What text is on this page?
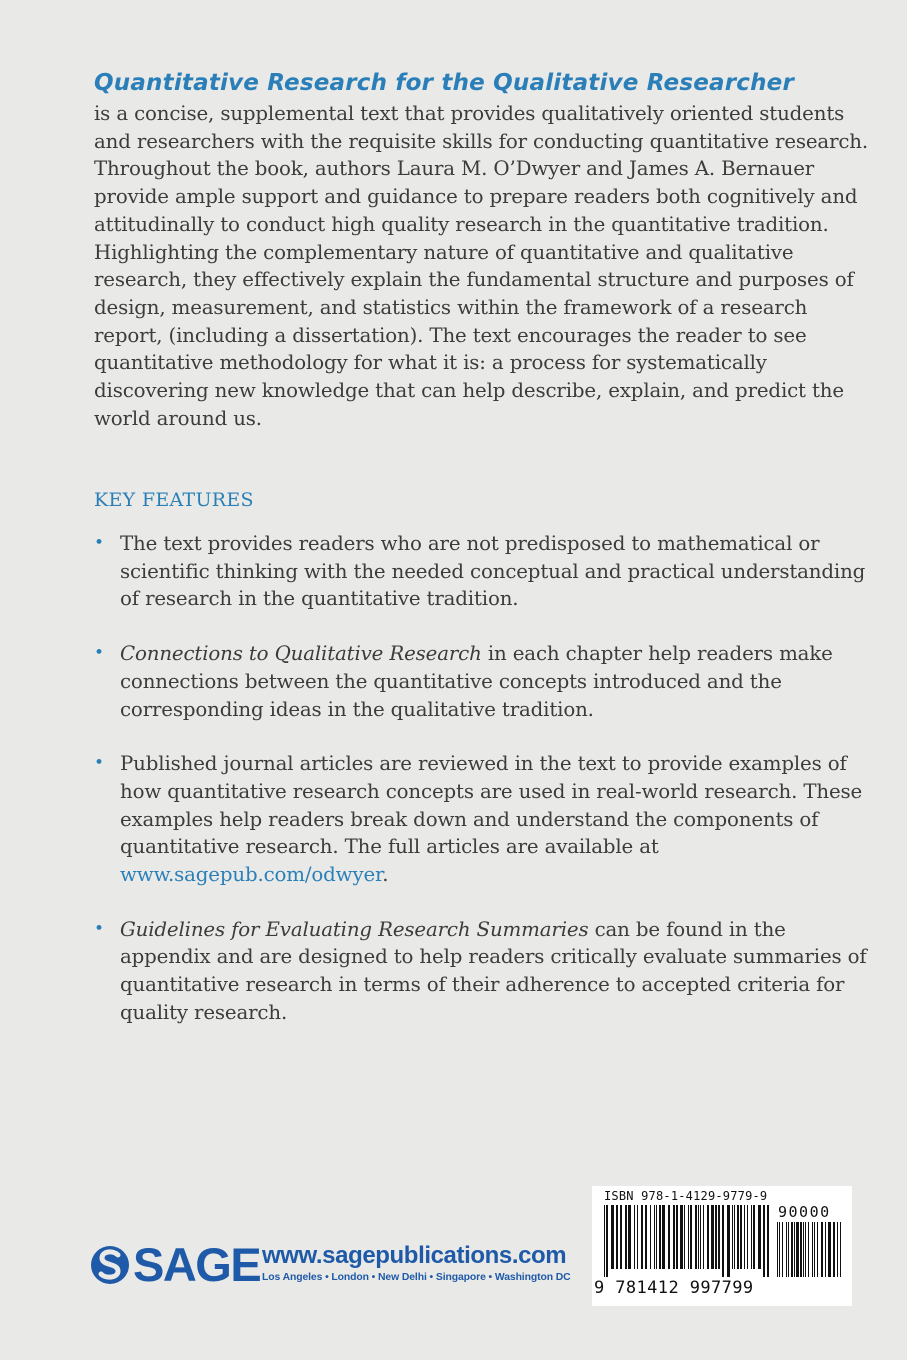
Quantitative Research for the Qualitative Researcher

is a concise, supplemental text that provides qualitatively oriented students and researchers with the requisite skills for conducting quantitative research. Throughout the book, authors Laura M. O’Dwyer and James A. Bernauer provide ample support and guidance to prepare readers both cognitively and attitudinally to conduct high quality research in the quantitative tradition. Highlighting the complementary nature of quantitative and qualitative research, they effectively explain the fundamental structure and purposes of design, measurement, and statistics within the framework of a research report, (including a dissertation). The text encourages the reader to see quantitative methodology for what it is: a process for systematically discovering new knowledge that can help describe, explain, and predict the world around us.

KEY FEATURES
• The text provides readers who are not predisposed to mathematical or scientific thinking with the needed conceptual and practical understanding of research in the quantitative tradition.
• Connections to Qualitative Research in each chapter help readers make connections between the quantitative concepts introduced and the corresponding ideas in the qualitative tradition.
• Published journal articles are reviewed in the text to provide examples of how quantitative research concepts are used in real-world research. These examples help readers break down and understand the components of quantitative research. The full articles are available at www.sagepub.com/odwyer.
• Guidelines for Evaluating Research Summaries can be found in the appendix and are designed to help readers critically evaluate summaries of quantitative research in terms of their adherence to accepted criteria for quality research.
SAGE www.sagepublications.com
Los Angeles • London • New Delhi • Singapore • Washington DC
ISBN 978-1-4129-9779-9
90000
9 781412 997799
